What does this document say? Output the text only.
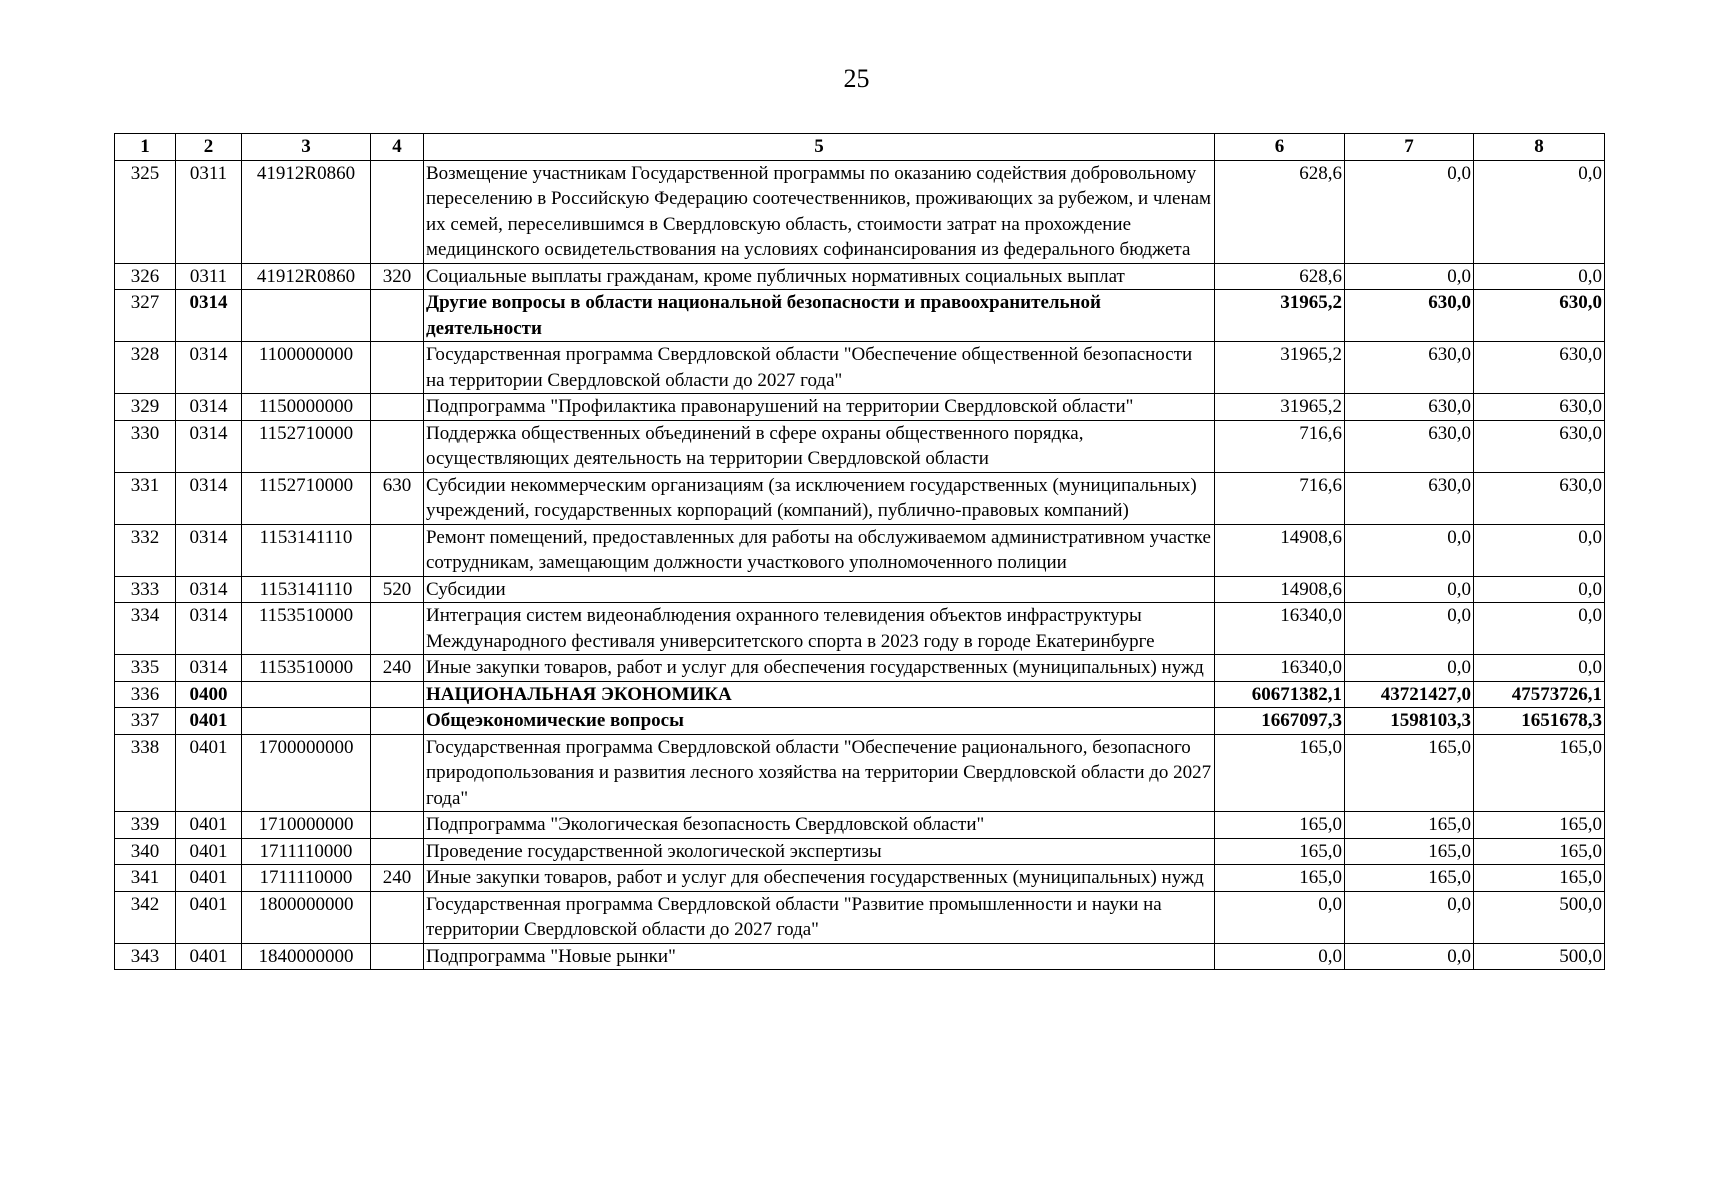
25
1	2	3	4	5	6	7	8
325	0311	41912R0860		Возмещение участникам Государственной программы по оказанию содействия добровольному переселению в Российскую Федерацию соотечественников, проживающих за рубежом, и членам их семей, переселившимся в Свердловскую область, стоимости затрат на прохождение медицинского освидетельствования на условиях софинансирования из федерального бюджета	628,6	0,0	0,0
326	0311	41912R0860	320	Социальные выплаты гражданам, кроме публичных нормативных социальных выплат	628,6	0,0	0,0
327	0314			Другие вопросы в области национальной безопасности и правоохранительной деятельности	31965,2	630,0	630,0
328	0314	1100000000		Государственная программа Свердловской области "Обеспечение общественной безопасности на территории Свердловской области до 2027 года"	31965,2	630,0	630,0
329	0314	1150000000		Подпрограмма "Профилактика правонарушений на территории Свердловской области"	31965,2	630,0	630,0
330	0314	1152710000		Поддержка общественных объединений в сфере охраны общественного порядка, осуществляющих деятельность на территории Свердловской области	716,6	630,0	630,0
331	0314	1152710000	630	Субсидии некоммерческим организациям (за исключением государственных (муниципальных) учреждений, государственных корпораций (компаний), публично-правовых компаний)	716,6	630,0	630,0
332	0314	1153141110		Ремонт помещений, предоставленных для работы на обслуживаемом административном участке сотрудникам, замещающим должности участкового уполномоченного полиции	14908,6	0,0	0,0
333	0314	1153141110	520	Субсидии	14908,6	0,0	0,0
334	0314	1153510000		Интеграция систем видеонаблюдения охранного телевидения объектов инфраструктуры Международного фестиваля университетского спорта в 2023 году в городе Екатеринбурге	16340,0	0,0	0,0
335	0314	1153510000	240	Иные закупки товаров, работ и услуг для обеспечения государственных (муниципальных) нужд	16340,0	0,0	0,0
336	0400			НАЦИОНАЛЬНАЯ ЭКОНОМИКА	60671382,1	43721427,0	47573726,1
337	0401			Общеэкономические вопросы	1667097,3	1598103,3	1651678,3
338	0401	1700000000		Государственная программа Свердловской области "Обеспечение рационального, безопасного природопользования и развития лесного хозяйства на территории Свердловской области до 2027 года"	165,0	165,0	165,0
339	0401	1710000000		Подпрограмма "Экологическая безопасность Свердловской области"	165,0	165,0	165,0
340	0401	1711110000		Проведение государственной экологической экспертизы	165,0	165,0	165,0
341	0401	1711110000	240	Иные закупки товаров, работ и услуг для обеспечения государственных (муниципальных) нужд	165,0	165,0	165,0
342	0401	1800000000		Государственная программа Свердловской области "Развитие промышленности и науки на территории Свердловской области до 2027 года"	0,0	0,0	500,0
343	0401	1840000000		Подпрограмма "Новые рынки"	0,0	0,0	500,0
